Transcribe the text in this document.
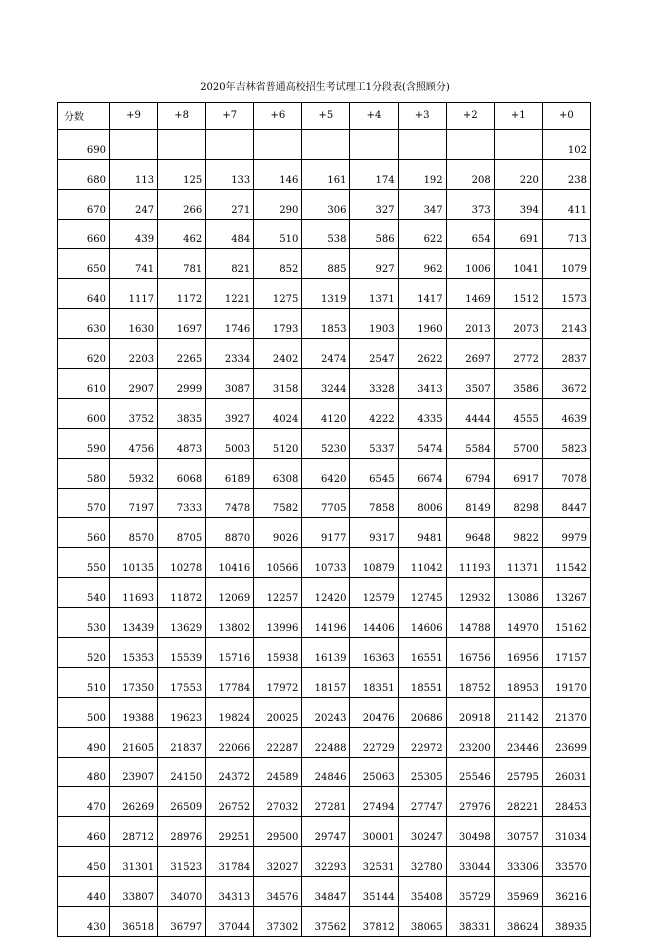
2020年吉林省普通高校招生考试理工1分段表(含照顾分)
分数	+9	+8	+7	+6	+5	+4	+3	+2	+1	+0
690										102
680	113	125	133	146	161	174	192	208	220	238
670	247	266	271	290	306	327	347	373	394	411
660	439	462	484	510	538	586	622	654	691	713
650	741	781	821	852	885	927	962	1006	1041	1079
640	1117	1172	1221	1275	1319	1371	1417	1469	1512	1573
630	1630	1697	1746	1793	1853	1903	1960	2013	2073	2143
620	2203	2265	2334	2402	2474	2547	2622	2697	2772	2837
610	2907	2999	3087	3158	3244	3328	3413	3507	3586	3672
600	3752	3835	3927	4024	4120	4222	4335	4444	4555	4639
590	4756	4873	5003	5120	5230	5337	5474	5584	5700	5823
580	5932	6068	6189	6308	6420	6545	6674	6794	6917	7078
570	7197	7333	7478	7582	7705	7858	8006	8149	8298	8447
560	8570	8705	8870	9026	9177	9317	9481	9648	9822	9979
550	10135	10278	10416	10566	10733	10879	11042	11193	11371	11542
540	11693	11872	12069	12257	12420	12579	12745	12932	13086	13267
530	13439	13629	13802	13996	14196	14406	14606	14788	14970	15162
520	15353	15539	15716	15938	16139	16363	16551	16756	16956	17157
510	17350	17553	17784	17972	18157	18351	18551	18752	18953	19170
500	19388	19623	19824	20025	20243	20476	20686	20918	21142	21370
490	21605	21837	22066	22287	22488	22729	22972	23200	23446	23699
480	23907	24150	24372	24589	24846	25063	25305	25546	25795	26031
470	26269	26509	26752	27032	27281	27494	27747	27976	28221	28453
460	28712	28976	29251	29500	29747	30001	30247	30498	30757	31034
450	31301	31523	31784	32027	32293	32531	32780	33044	33306	33570
440	33807	34070	34313	34576	34847	35144	35408	35729	35969	36216
430	36518	36797	37044	37302	37562	37812	38065	38331	38624	38935
